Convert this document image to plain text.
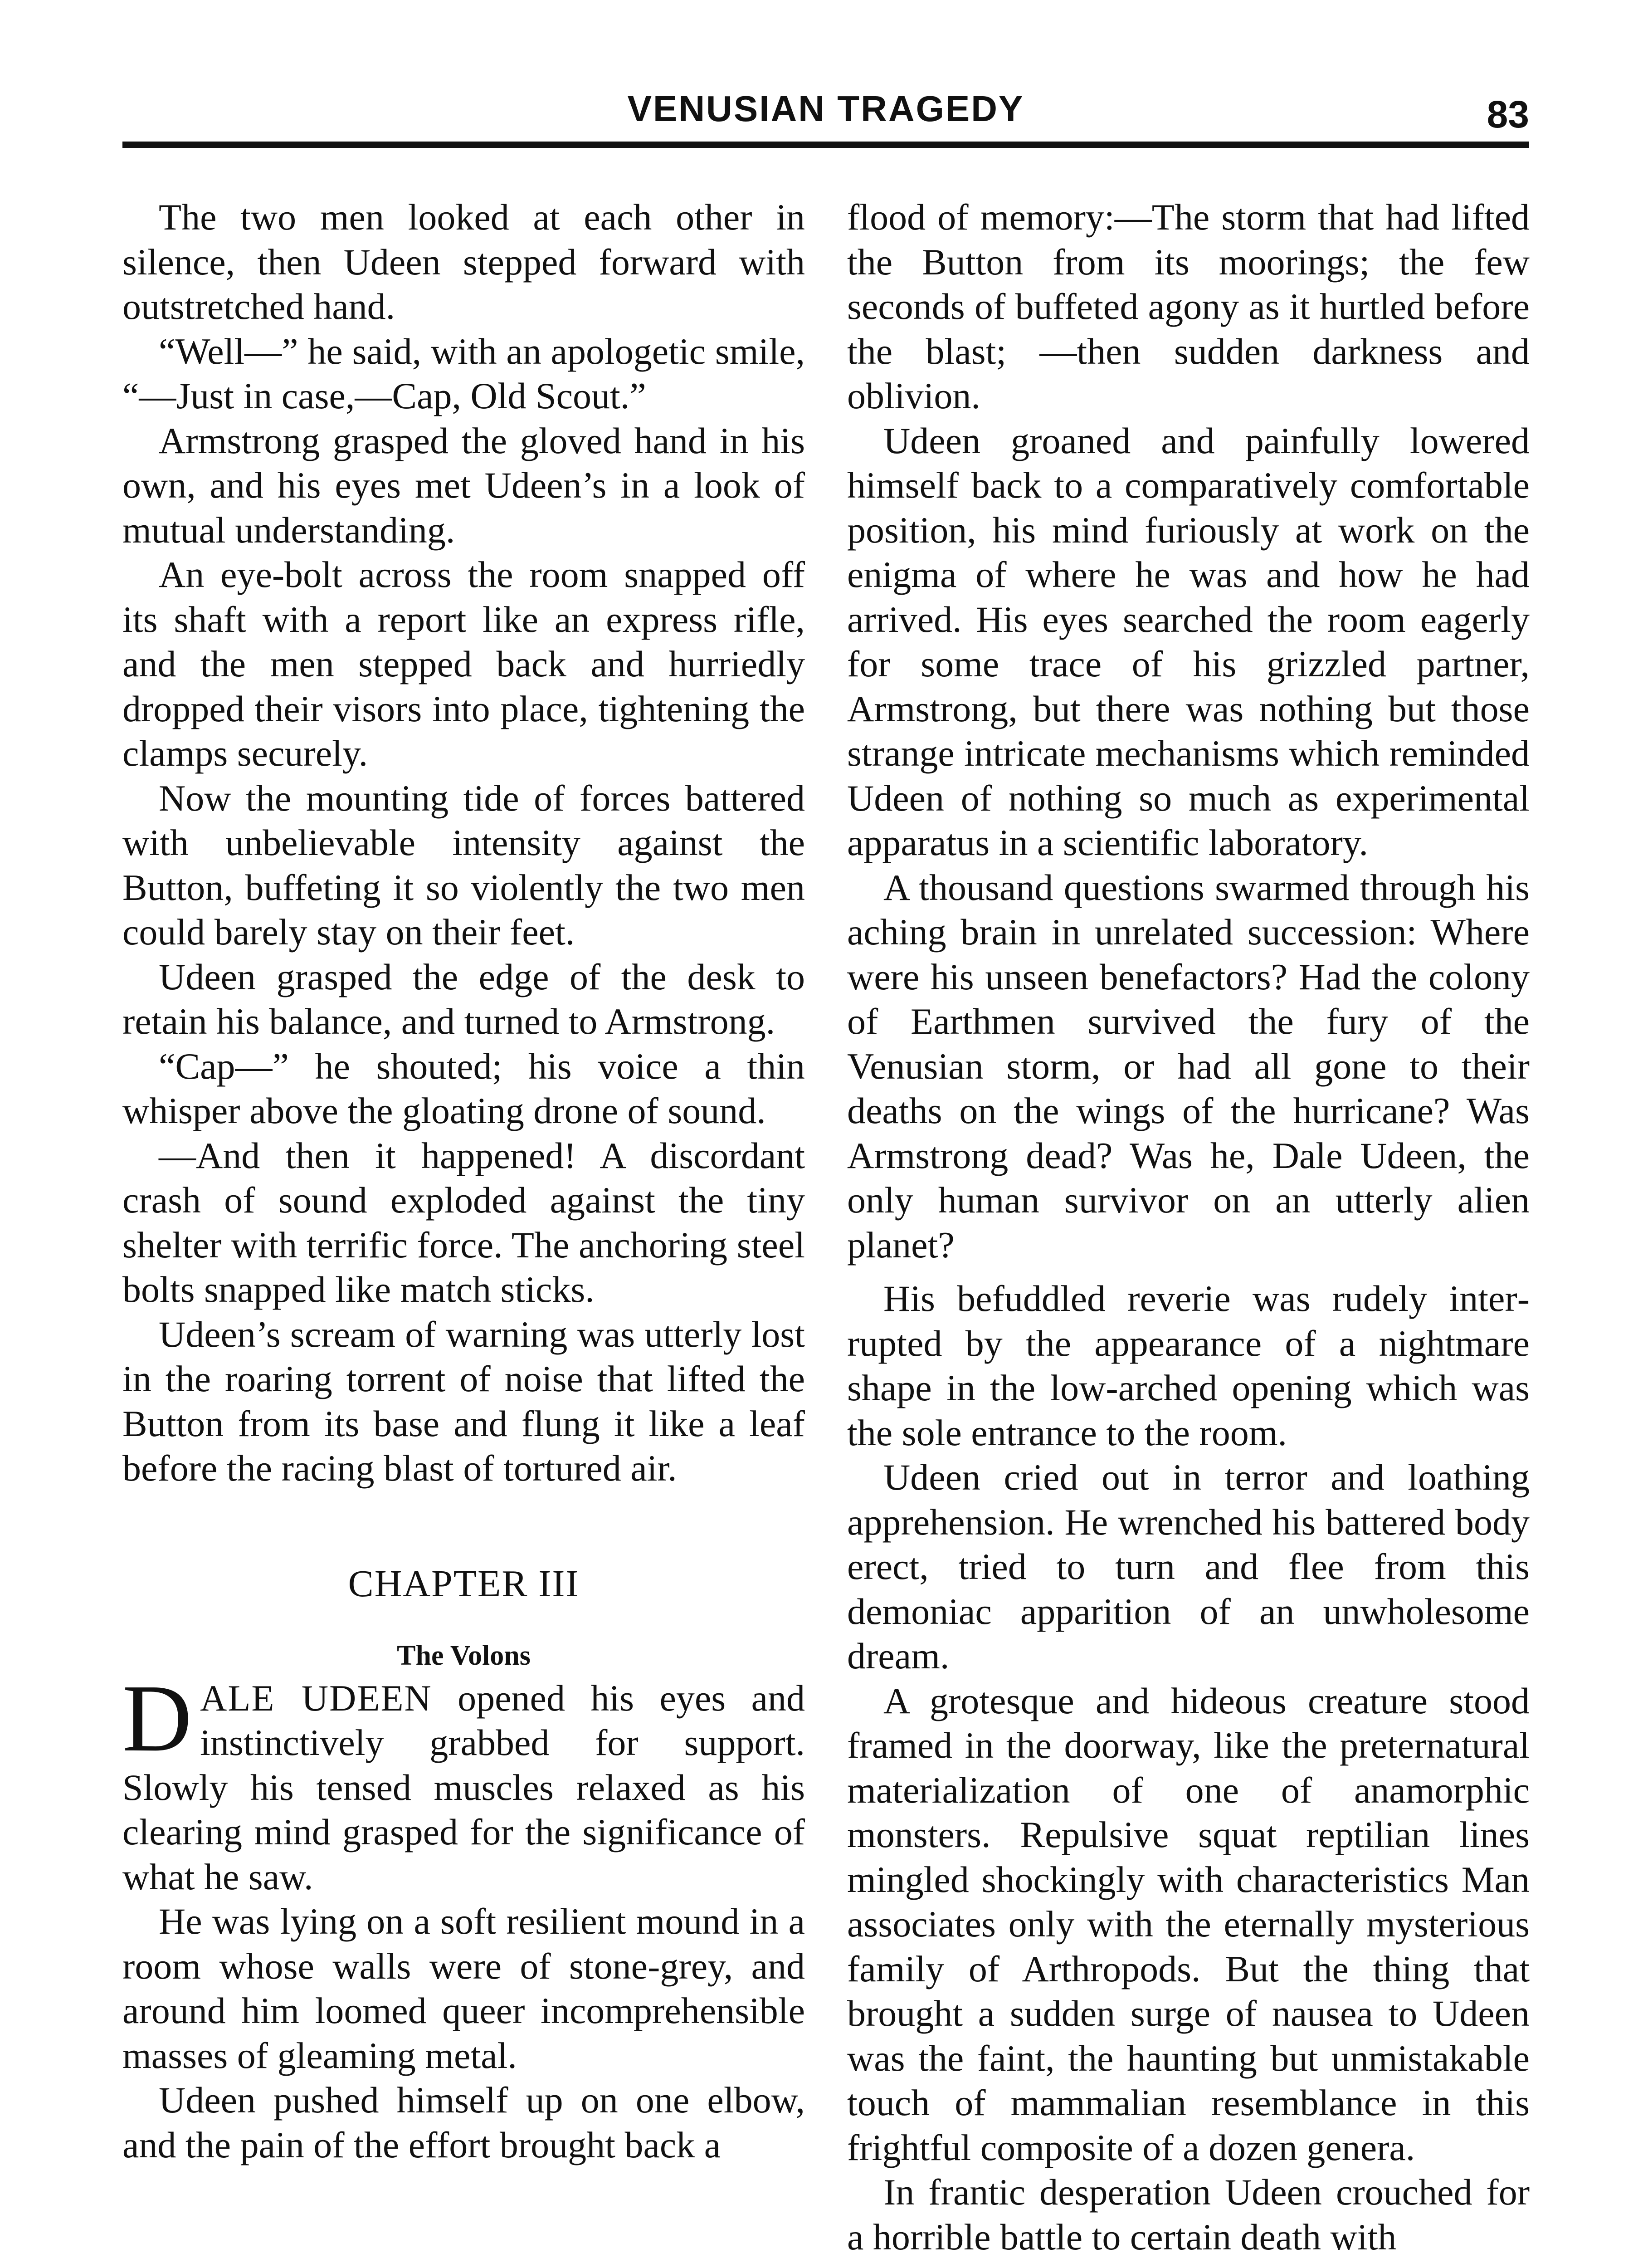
VENUSIAN TRAGEDY	83

The two men looked at each other in silence, then Udeen stepped forward with outstretched hand.

“Well—” he said, with an apologetic smile, “—Just in case,—Cap, Old Scout.”

Armstrong grasped the gloved hand in his own, and his eyes met Udeen’s in a look of mutual understanding.

An eye-bolt across the room snapped off its shaft with a report like an express rifle, and the men stepped back and hurriedly dropped their visors into place, tightening the clamps securely.

Now the mounting tide of forces battered with unbelievable intensity against the Button, buffeting it so violently the two men could barely stay on their feet.

Udeen grasped the edge of the desk to retain his balance, and turned to Armstrong.

“Cap—” he shouted; his voice a thin whisper above the gloating drone of sound.

—And then it happened! A discordant crash of sound exploded against the tiny shelter with terrific force. The anchoring steel bolts snapped like match sticks.

Udeen’s scream of warning was utterly lost in the roaring torrent of noise that lifted the Button from its base and flung it like a leaf before the racing blast of tortured air.

CHAPTER III
The Volons

DALE UDEEN opened his eyes and instinctively grabbed for support. Slowly his tensed muscles relaxed as his clearing mind grasped for the significance of what he saw.

He was lying on a soft resilient mound in a room whose walls were of stone-grey, and around him loomed queer incomprehensible masses of gleaming metal.

Udeen pushed himself up on one elbow, and the pain of the effort brought back a

flood of memory:—The storm that had lifted the Button from its moorings; the few seconds of buffeted agony as it hurtled before the blast; —then sudden darkness and oblivion.

Udeen groaned and painfully lowered himself back to a comparatively comfortable position, his mind furiously at work on the enigma of where he was and how he had arrived. His eyes searched the room eagerly for some trace of his grizzled partner, Armstrong, but there was nothing but those strange intricate mechanisms which reminded Udeen of nothing so much as experimental apparatus in a scientific laboratory.

A thousand questions swarmed through his aching brain in unrelated succession: Where were his unseen benefactors? Had the colony of Earthmen survived the fury of the Venusian storm, or had all gone to their deaths on the wings of the hurricane? Was Armstrong dead? Was he, Dale Udeen, the only human survivor on an utterly alien planet?

His befuddled reverie was rudely interrupted by the appearance of a nightmare shape in the low-arched opening which was the sole entrance to the room.

Udeen cried out in terror and loathing apprehension. He wrenched his battered body erect, tried to turn and flee from this demoniac apparition of an unwholesome dream.

A grotesque and hideous creature stood framed in the doorway, like the preternatural materialization of one of anamorphic monsters. Repulsive squat reptilian lines mingled shockingly with characteristics Man associates only with the eternally mysterious family of Arthropods. But the thing that brought a sudden surge of nausea to Udeen was the faint, the haunting but unmistakable touch of mammalian resemblance in this frightful composite of a dozen genera.

In frantic desperation Udeen crouched for a horrible battle to certain death with
